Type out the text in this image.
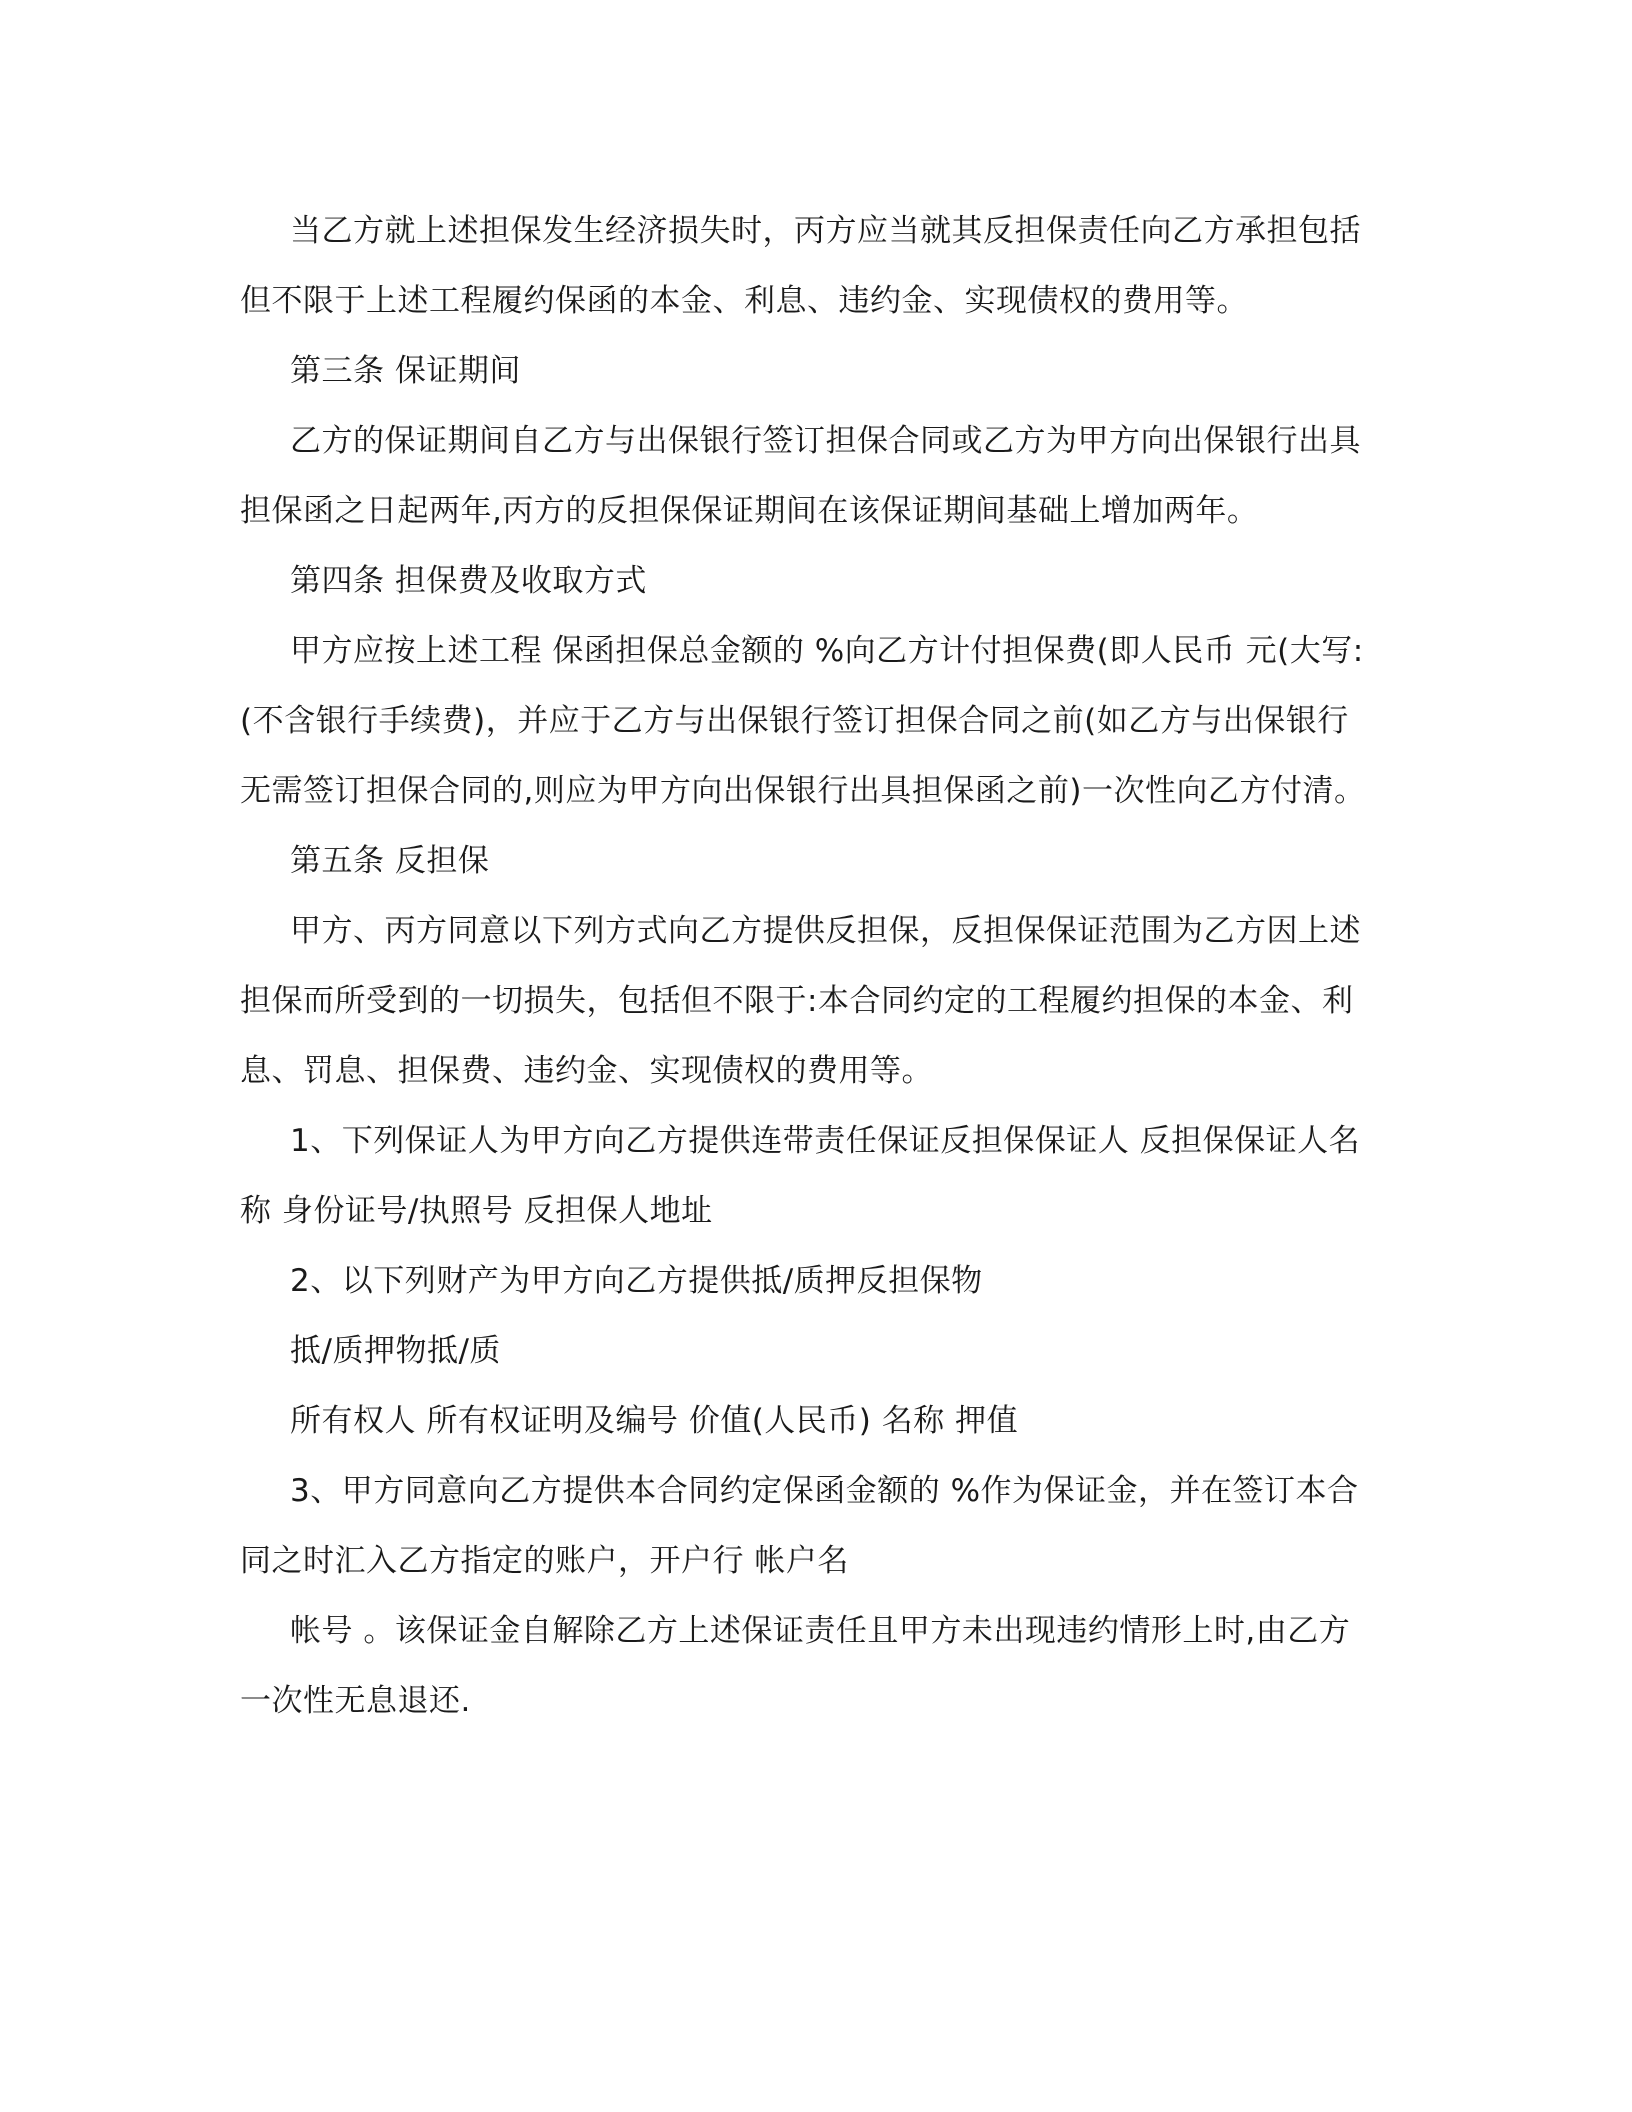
当乙方就上述担保发生经济损失时，丙方应当就其反担保责任向乙方承担包括但不限于上述工程履约保函的本金、利息、违约金、实现债权的费用等。

第三条 保证期间

乙方的保证期间自乙方与出保银行签订担保合同或乙方为甲方向出保银行出具担保函之日起两年,丙方的反担保保证期间在该保证期间基础上增加两年。

第四条 担保费及收取方式

甲方应按上述工程 保函担保总金额的 %向乙方计付担保费(即人民币 元(大写: (不含银行手续费)，并应于乙方与出保银行签订担保合同之前(如乙方与出保银行无需签订担保合同的,则应为甲方向出保银行出具担保函之前)一次性向乙方付清。

第五条 反担保

甲方、丙方同意以下列方式向乙方提供反担保，反担保保证范围为乙方因上述担保而所受到的一切损失，包括但不限于:本合同约定的工程履约担保的本金、利息、罚息、担保费、违约金、实现债权的费用等。

1、下列保证人为甲方向乙方提供连带责任保证反担保保证人 反担保保证人名称 身份证号/执照号 反担保人地址

2、以下列财产为甲方向乙方提供抵/质押反担保物

抵/质押物抵/质

所有权人 所有权证明及编号 价值(人民币) 名称 押值

3、甲方同意向乙方提供本合同约定保函金额的 %作为保证金，并在签订本合同之时汇入乙方指定的账户，开户行 帐户名

帐号 。该保证金自解除乙方上述保证责任且甲方未出现违约情形上时,由乙方一次性无息退还.
